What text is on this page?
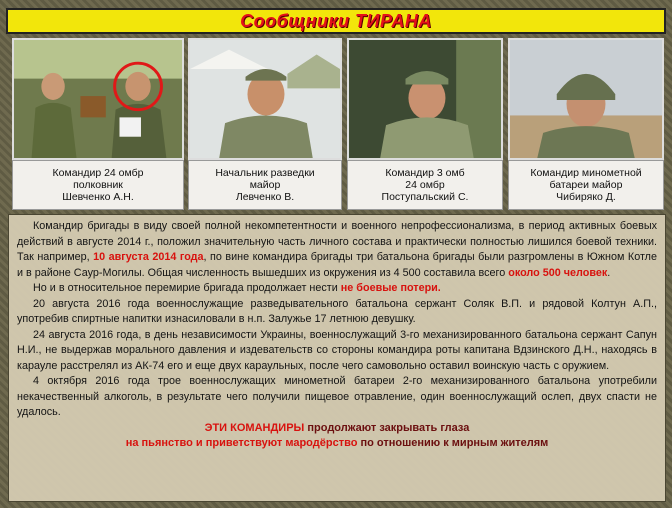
Сообщники ТИРАНА
Командир 24 омбр
полковник
Шевченко А.Н.
Начальник разведки
майор
Левченко В.
Командир 3 омб
24 омбр
Поступальский С.
Командир минометной
батареи майор
Чибиряко Д.

Командир бригады в виду своей полной некомпетентности и военного непрофессионализма, в период активных боевых действий в августе 2014 г., положил значительную часть личного состава и практически полностью лишился боевой техники. Так например, 10 августа 2014 года, по вине командира бригады три батальона бригады были разгромлены в Южном Котле и в районе Саур-Могилы. Общая численность вышедших из окружения из 4 500 составила всего около 500 человек.

Но и в относительное перемирие бригада продолжает нести не боевые потери.

20 августа 2016 года военнослужащие разведывательного батальона сержант Соляк В.П. и рядовой Колтун А.П., употребив спиртные напитки изнасиловали в н.п. Залужье 17 летнюю девушку.

24 августа 2016 года, в день независимости Украины, военнослужащий 3-го механизированного батальона сержант Сапун Н.И., не выдержав морального давления и издевательств со стороны командира роты капитана Вдзинского Д.Н., находясь в карауле расстрелял из АК-74 его и еще двух караульных, после чего самовольно оставил воинскую часть с оружием.

4 октября 2016 года трое военнослужащих минометной батареи 2-го механизированного батальона употребили некачественный алкоголь, в результате чего получили пищевое отравление, один военнослужащий ослеп, двух спасти не удалось.

ЭТИ КОМАНДИРЫ продолжают закрывать глаза

на пьянство и приветствуют мародёрство по отношению к мирным жителям
